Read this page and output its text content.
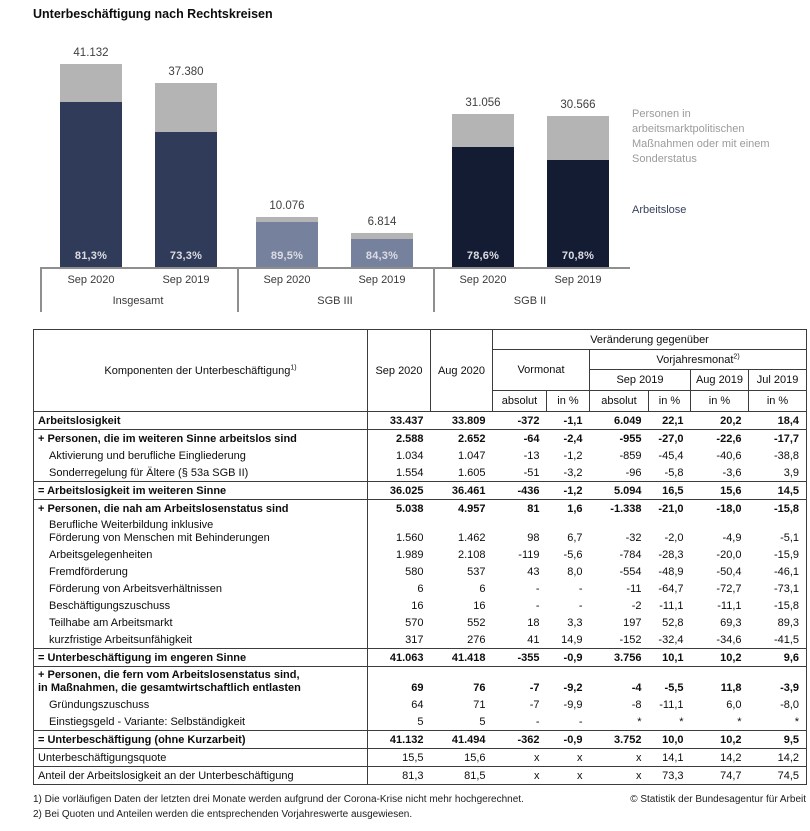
Unterbeschäftigung nach Rechtskreisen
Personen in arbeitsmarktpolitischen Maßnahmen oder mit einem Sonderstatus
Arbeitslose
81,3%
41.132
Sep 2020
73,3%
37.380
Sep 2019
89,5%
10.076
Sep 2020
84,3%
6.814
Sep 2019
78,6%
31.056
Sep 2020
70,8%
30.566
Sep 2019
Insgesamt	SGB III	SGB II
Komponenten der Unterbeschäftigung$^{1)}$	Sep 2020	Aug 2020	Veränderung gegenüber					
			Vormonat		Vorjahresmonat$^{2)}$
					Sep 2019		Aug 2019	Jul 2019
			absolut	in %	absolut	in %	in %	in %

Arbeitslosigkeit	33.437	33.809	-372	-1,1	6.049	22,1	20,2	18,4

+ Personen, die im weiteren Sinne arbeitslos sind	2.588	2.652	-64	-2,4	-955	-27,0	-22,6	-17,7

Aktivierung und berufliche Eingliederung	1.034	1.047	-13	-1,2	-859	-45,4	-40,6	-38,8

Sonderregelung für Ältere (§ 53a SGB II)	1.554	1.605	-51	-3,2	-96	-5,8	-3,6	3,9

= Arbeitslosigkeit im weiteren Sinne	36.025	36.461	-436	-1,2	5.094	16,5	15,6	14,5

+ Personen, die nah am Arbeitslosenstatus sind	5.038	4.957	81	1,6	-1.338	-21,0	-18,0	-15,8

Berufliche Weiterbildung inklusive
Förderung von Menschen mit Behinderungen	1.560	1.462	98	6,7	-32	-2,0	-4,9	-5,1

Arbeitsgelegenheiten	1.989	2.108	-119	-5,6	-784	-28,3	-20,0	-15,9

Fremdförderung	580	537	43	8,0	-554	-48,9	-50,4	-46,1

Förderung von Arbeitsverhältnissen	6	6	-	-	-11	-64,7	-72,7	-73,1

Beschäftigungszuschuss	16	16	-	-	-2	-11,1	-11,1	-15,8

Teilhabe am Arbeitsmarkt	570	552	18	3,3	197	52,8	69,3	89,3

kurzfristige Arbeitsunfähigkeit	317	276	41	14,9	-152	-32,4	-34,6	-41,5

= Unterbeschäftigung im engeren Sinne	41.063	41.418	-355	-0,9	3.756	10,1	10,2	9,6

+ Personen, die fern vom Arbeitslosenstatus sind,
in Maßnahmen, die gesamtwirtschaftlich entlasten	69	76	-7	-9,2	-4	-5,5	11,8	-3,9

Gründungszuschuss	64	71	-7	-9,9	-8	-11,1	6,0	-8,0

Einstiegsgeld - Variante: Selbständigkeit	5	5	-	-	*	*	*	*

= Unterbeschäftigung (ohne Kurzarbeit)	41.132	41.494	-362	-0,9	3.752	10,0	10,2	9,5

Unterbeschäftigungsquote	15,5	15,6	x	x	x	14,1	14,2	14,2

Anteil der Arbeitslosigkeit an der Unterbeschäftigung	81,3	81,5	x	x	x	73,3	74,7	74,5
1) Die vorläufigen Daten der letzten drei Monate werden aufgrund der Corona-Krise nicht mehr hochgerechnet.	© Statistik der Bundesagentur für Arbeit
2) Bei Quoten und Anteilen werden die entsprechenden Vorjahreswerte ausgewiesen.
